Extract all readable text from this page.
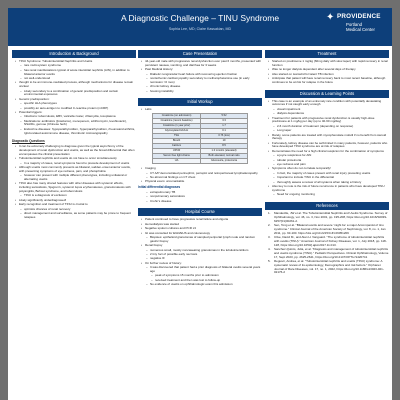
A Diagnostic Challenge – TINU Syndrome
Sophia Lee, MD; Claire Kassakian, MD
✦ PROVIDENCE
Portland
Medical Center
Introduction & Background
• TINU Syndrome: Tubulointerstitial Nephritis and Uveitis
– rare multi-system syndrome
– has renal manifestations typical of acute interstitial nephritis (AIN), in addition to bilateral anterior uveitis
– not well-understood
• thought to be an immune-mediated process, although mechanisms for disease remain unclear
– Likely secondary to a combination of genetic predisposition and certain environmental exposures
• Genetic predisposition:
– specific HLA phenotypes
– possibly an auto-antigen to modified C-reactive protein (mCRP)
• Potential triggers:
– Infections: tuberculosis, EBV, varicella zoster, chlamydia, toxoplasma
– Medications: antibiotics (β-lactams), menopenem, azithromycin, levofloxacin), NSAIDs, genvoe (Chinese herb)
– Endocrine diseases: hypoparathyroidism, hyperparathyroidism, rheumatoid arthritis, IgG4-related autoimmune disease, thrombotic microangiopathy
Diagnostic Questions
• It can be extremely challenging to diagnose given the typical asynchrony of the development of renal dysfunction and uveitis, as well as the broad differential that often encompasses the clinical presentation
• Tubulointerstitial nephritis and uveitis do not have to occur simultaneously
– In a majority of cases, renal symptoms found to precede development of uveitis
• Although uveitis most commonly presents as bilateral, sudden-onset anterior uveitis, with presenting symptoms of eye redness, pain, and photophobia
– however can present with multiple different phenotypes, including unilateral or alternating uveitis
• TINU also has many shared features with other diseases with systemic effects, including sarcoidosis, Sjogren's, systemic lupus erythematosus, granulomatosis with polyangiitis, Behcet syndrome, and tuberculosis
– TINU is a diagnosis of exclusion
• Likely significantly underdiagnosed!
• Early recognition and treatment of TINU is crucial to
– optimize chances of renal recovery
– direct management and surveillance, as some patients may be prone to frequent relapses
Case Presentation
• 44-year-old male with progressive renal dysfunction over past 6 months, presented with persistent nausea, vomiting, and diarrhea for 3 weeks
• Past Medical History:
– Diabetic nongranular heart failure with recovering ejection fraction
– nonischemic cardiomyopathy secondary to methamphetamine use (in early remission >6 mos)
– chronic kidney disease
– housing instability
Initial Workup
• Labs
Creatinine (on admission)	5.52
Creatinine (recent baseline)	3.3
Creatinine (1 year prior)	1.7
Glycosylated HbA1c	0.1
TSH	0.76 (low)
Bicarb	19
Calcium	8.5
UPCR	1.0 mmol/L (elevated)
Serum free light chains	Both elevated, normal ratio
UA	Glucosuria, proteinuria
• Imaging
– CT A/P demonstrated perinephric, perioptic and retroperitoneal lymphadenopathy
– No abnormal findings on CT chest
• Physical exam: unremarkable
Initial differential diagnoses
– extrapulmonary TB
– nonpulmonary sarcoidosis
– Crohn's disease
Hospital Course
• Patient continued to have progressive renal failure and oliguria
• Hemodialysis was started
• Negative sputum cultures and PCR x3
• GI was consulted for EGD/EUS and colonoscopy
– Biopsies: epithelioid granulomas of sampled periportal lymph node and random gastric biopsy
• Renal biopsy
– numerous small, mostly noncaseating granulomas in the tubulointerstitium
– 2 tiny foci of possible early necrosis
– negative IF
• On further review of history:
– It was discovered that patient had a prior diagnosis of bilateral uveitis several years ago
– peak of symptoms 15 months prior to admission
– received treatment and then was lost to follow-up
– No evidence of uveitis on ophthalmologic exam this admission
Treatment
• Started on prednisone 1 mg/kg (60mg daily with slow taper) with rapid recovery in renal function
• Was no longer dialysis dependent after several days of therapy
• Also started on isoniazid for latent TB infection
• Anticipate that patient will have renal recovery back to most recent baseline, although continues to be at risk for relapse in the future
Discussion & Learning Points
• This case is an example of an extremely rare condition with potentially devastating outcomes if not caught early enough
– visual impairment
– dialysis dependence
• Treatment for patients with progressive renal dysfunction is usually high-dose prednisone at 1 mg/kg per day (up to 40-60 mg/day)
– 2-6 month duration of treatment (depending on response)
– Long taper
• Rarely, some patients are treated with mycophenolate mofetil if no benefit from steroid therapy
• Fortunately, kidney disease can be self-limited in many patients, however, patients who have developed TINU syndrome are at risk of relapses
• Demonstrates the need for a high clinical suspicion for the combination of symptoms
– a joyce suspicious for AIN
– tubular proteinuria
– eye redness and pain
• Symptoms often do not correlate temporally!
– In fact, the majority of cases present with renal injury preceding uveitis
– Important to include TINU in the differential
– thoroughly assess a review of all systems when taking a history
• Also key to note is the risk of future recurrence in patients who have developed TINU syndrome
– Need for ongoing monitoring
References
Mandeville, JW et al. The Tubulointerstitial Nephritis and Uveitis Syndrome. Survey of Ophthalmology, vol. 46, no. 3, Nov 2001, pp. 195-208, https://doi.org/10.1016/S0039-6257(01)00261-2.
Sen, Tong et al. "Bilateral uveitis and severe 'might be' a major Accompanist of tinu syndrome." Clinical Journal of the American Society of Nephrology, vol. 8, no. 1, Jan 2011, pp. 93-100. https://doi.org/10.2215/CJN.09051209
Clive, David M., and Alan H. Vanguard. "The syndrome of tubulointerstitial nephritis with uveitis (TINU)." American Journal of Kidney Diseases, vol. 1, July 2018, pp. 118-128, https://doi.org/10.1053/j.ajkd.2017.11.013.
Sanchez-Quirós, Julia, et al. "Diagnosis and management of tubulointerstitial nephritis and uveitis syndrome (TINU)." Pediatric Perspectives. Clinical Ophthalmology, Volume 17, Sept 2023, pp. 2625-2641, https://doi.org/10.2147/OPTH.S420741
Regusci, Andrea, et al. "Tubulointerstitial nephritis and uveitis (TINU) syndrome: A systematic review of its epidemiology, Demographics and risk factors." Orphanet Journal of Rare Diseases, vol. 17, no. 1, 2022, https://doi.org/10.1186/s13023-021-02176-2
